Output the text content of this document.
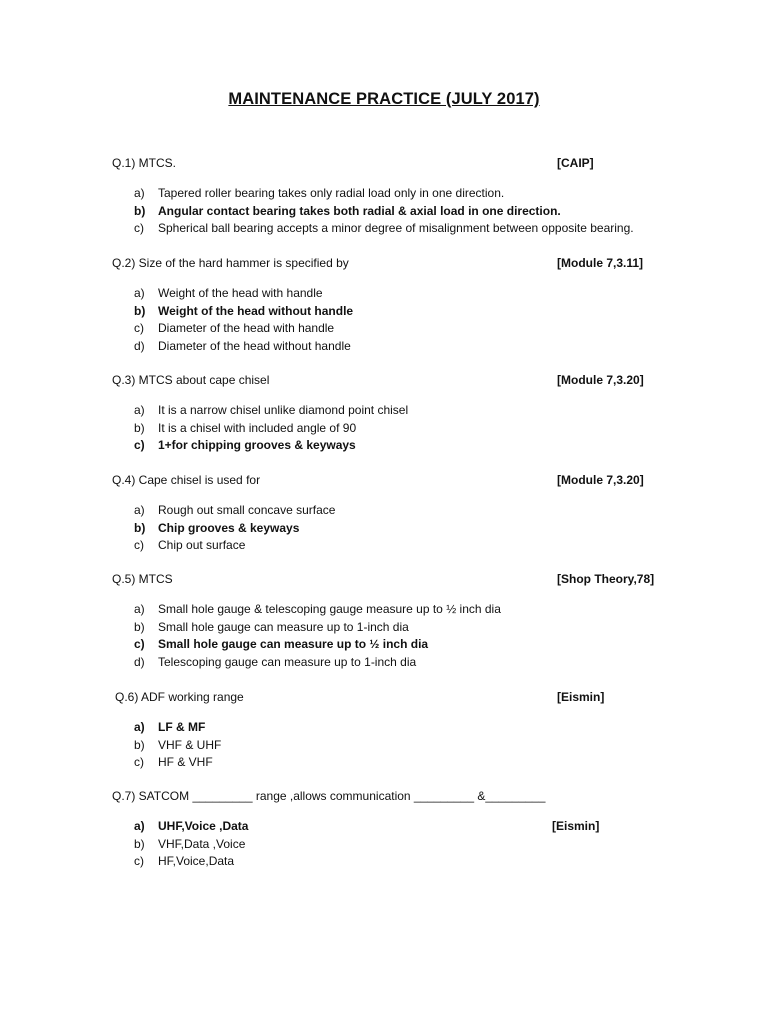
MAINTENANCE PRACTICE (JULY 2017)
Q.1) MTCS.	[CAIP]
a) Tapered roller bearing takes only radial load only in one direction.
b) Angular contact bearing takes both radial & axial load in one direction.
c) Spherical ball bearing accepts a minor degree of misalignment between opposite bearing.
Q.2) Size of the hard hammer is specified by	[Module 7,3.11]
a) Weight of the head with handle
b) Weight of the head without handle
c) Diameter of the head with handle
d) Diameter of the head without handle
Q.3) MTCS about cape chisel	[Module 7,3.20]
a) It is a narrow chisel unlike diamond point chisel
b) It is a chisel with included angle of 90
c) 1+for chipping grooves & keyways
Q.4) Cape chisel is used for	[Module 7,3.20]
a) Rough out small concave surface
b) Chip grooves & keyways
c) Chip out surface
Q.5) MTCS	[Shop Theory,78]
a) Small hole gauge & telescoping gauge measure up to ½ inch dia
b) Small hole gauge can measure up to 1-inch dia
c) Small hole gauge can measure up to ½ inch dia
d) Telescoping gauge can measure up to 1-inch dia
Q.6) ADF working range	[Eismin]
a) LF & MF
b) VHF & UHF
c) HF & VHF
Q.7) SATCOM _________ range ,allows communication _________ &_________
a) UHF,Voice ,Data	[Eismin]
b) VHF,Data ,Voice
c) HF,Voice,Data
